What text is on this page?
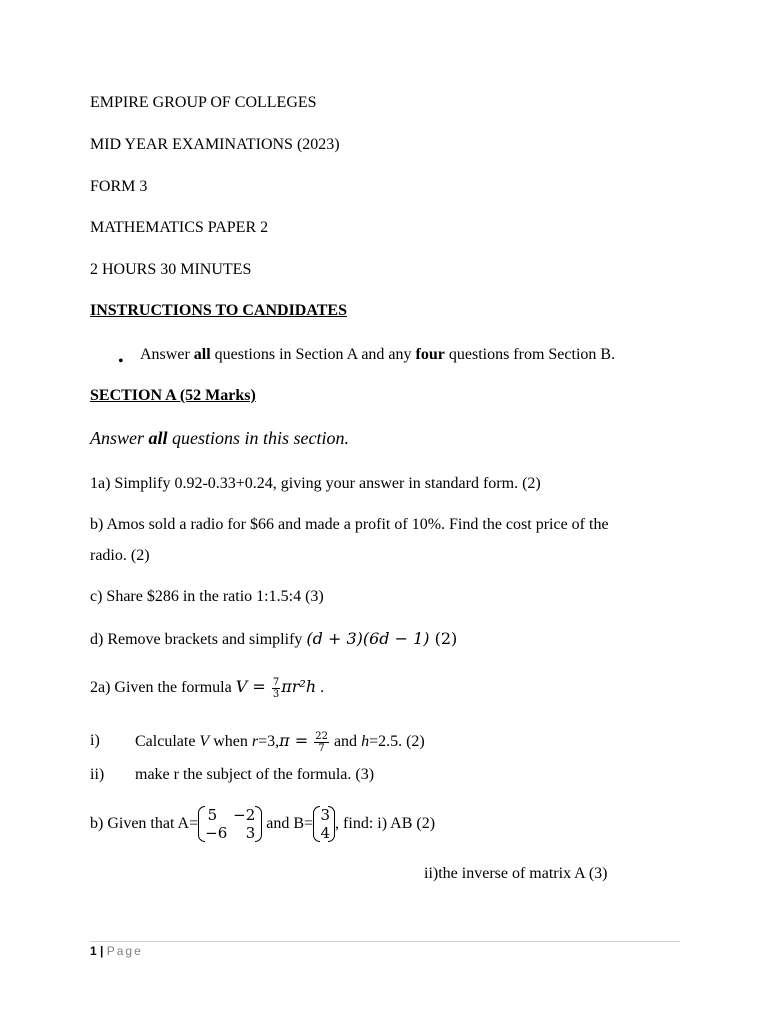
EMPIRE GROUP OF COLLEGES
MID YEAR EXAMINATIONS (2023)
FORM 3
MATHEMATICS PAPER 2
2 HOURS 30 MINUTES
INSTRUCTIONS TO CANDIDATES
• Answer all questions in Section A and any four questions from Section B.
SECTION A (52 Marks)
Answer all questions in this section.
1a) Simplify 0.92-0.33+0.24, giving your answer in standard form. (2)
b) Amos sold a radio for $66 and made a profit of 10%. Find the cost price of the
radio. (2)
c) Share $286 in the ratio 1:1.5:4 (3)
d) Remove brackets and simplify (d + 3)(6d − 1) (2)
2a) Given the formula $V = \frac{7}{3} \pi r^2h$ .
i) Calculate V when $r=3,\pi = \frac{22}{7}$ and h=2.5. (2)
ii) make r the subject of the formula. (3)
b) Given that A= 5 −2
−6 3
and B= 3
4
, find: i) AB (2)
ii)the inverse of matrix A (3)
1 | Page
